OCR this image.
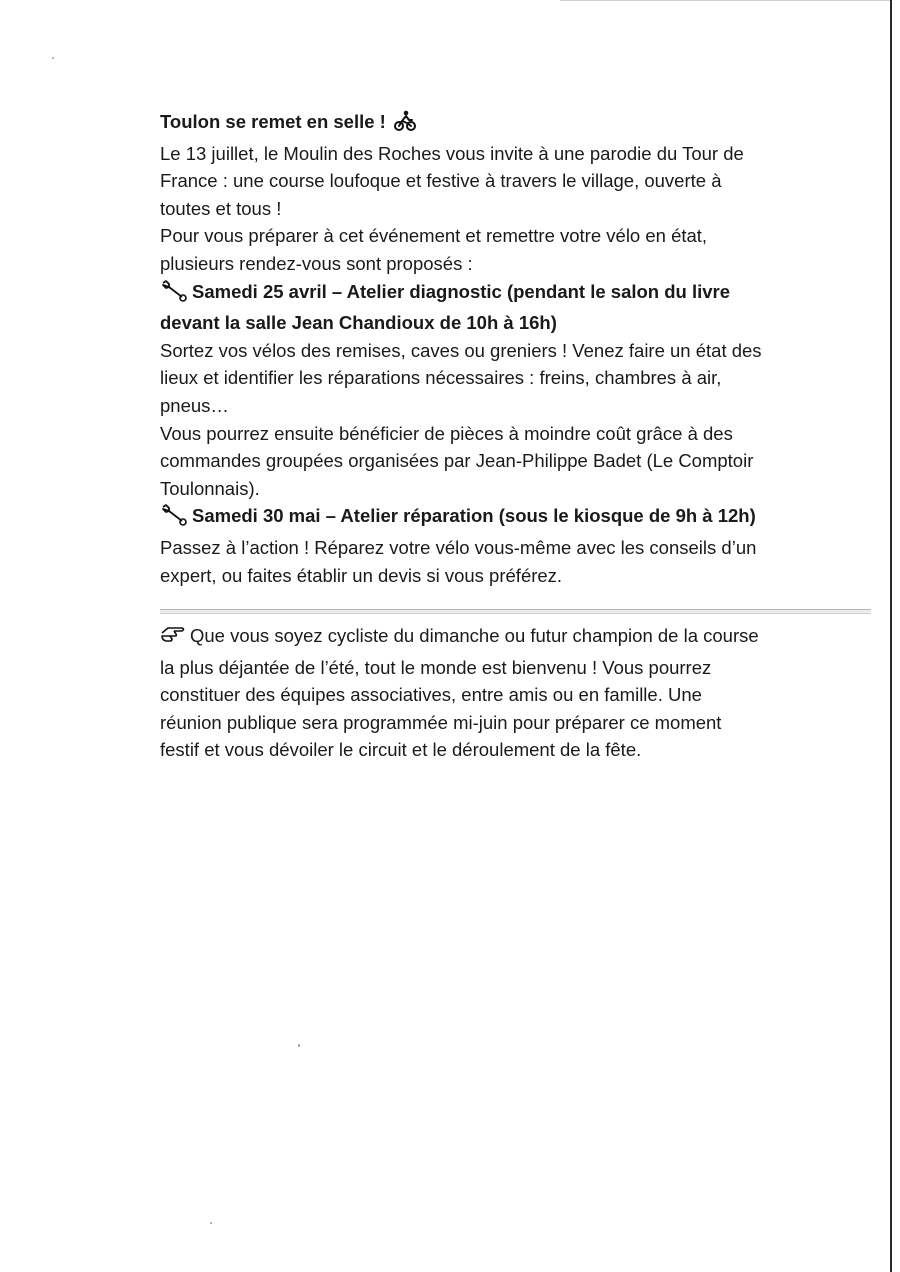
Toulon se remet en selle !
Le 13 juillet, le Moulin des Roches vous invite à une parodie du Tour de
France : une course loufoque et festive à travers le village, ouverte à
toutes et tous !
Pour vous préparer à cet événement et remettre votre vélo en état,
plusieurs rendez-vous sont proposés :
Samedi 25 avril – Atelier diagnostic (pendant le salon du livre
devant la salle Jean Chandioux de 10h à 16h)
Sortez vos vélos des remises, caves ou greniers ! Venez faire un état des
lieux et identifier les réparations nécessaires : freins, chambres à air,
pneus…
Vous pourrez ensuite bénéficier de pièces à moindre coût grâce à des
commandes groupées organisées par Jean-Philippe Badet (Le Comptoir
Toulonnais).
Samedi 30 mai – Atelier réparation (sous le kiosque de 9h à 12h)
Passez à l’action ! Réparez votre vélo vous-même avec les conseils d’un
expert, ou faites établir un devis si vous préférez.
Que vous soyez cycliste du dimanche ou futur champion de la course
la plus déjantée de l’été, tout le monde est bienvenu ! Vous pourrez
constituer des équipes associatives, entre amis ou en famille. Une
réunion publique sera programmée mi-juin pour préparer ce moment
festif et vous dévoiler le circuit et le déroulement de la fête.
